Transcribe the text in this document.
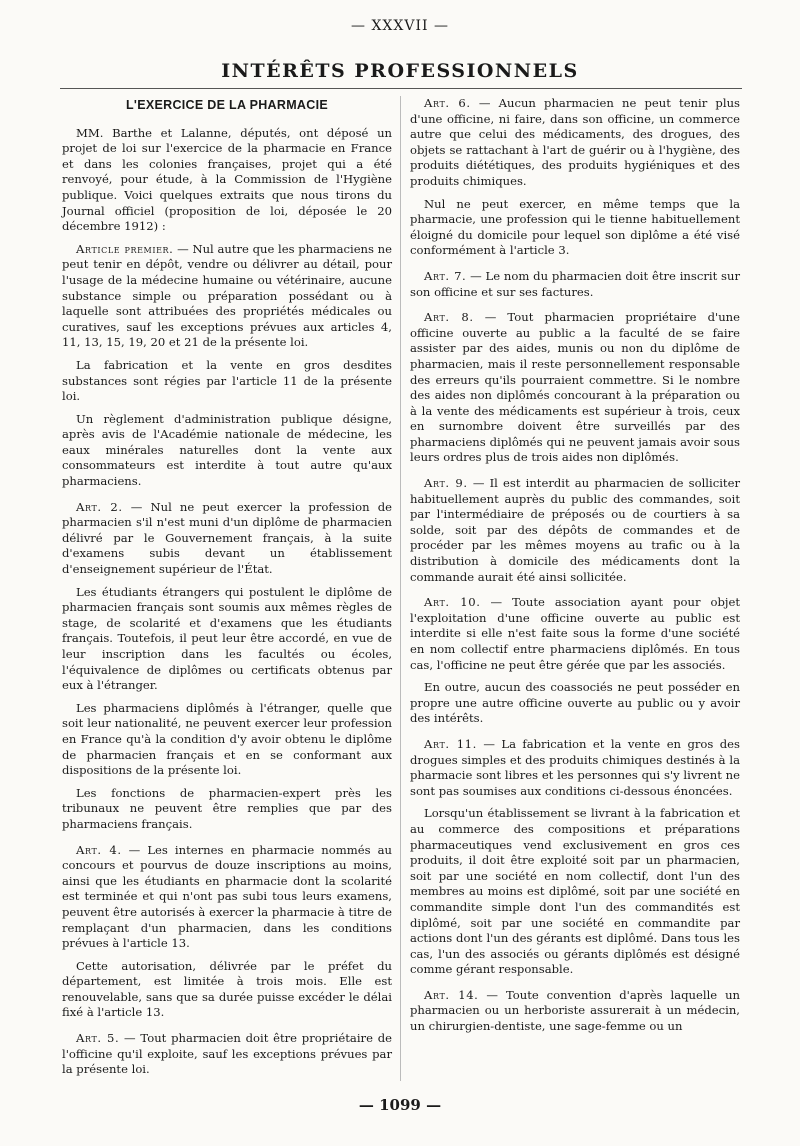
— XXXVII —
INTÉRÊTS PROFESSIONNELS
L'EXERCICE DE LA PHARMACIE

MM. Barthe et Lalanne, députés, ont déposé un projet de loi sur l'exercice de la pharmacie en France et dans les colonies françaises, projet qui a été renvoyé, pour étude, à la Commission de l'Hygiène publique. Voici quelques extraits que nous tirons du Journal officiel (proposition de loi, déposée le 20 décembre 1912) :

Article premier. — Nul autre que les pharmaciens ne peut tenir en dépôt, vendre ou délivrer au détail, pour l'usage de la médecine humaine ou vétérinaire, aucune substance simple ou préparation possédant ou à laquelle sont attribuées des propriétés médicales ou curatives, sauf les exceptions prévues aux articles 4, 11, 13, 15, 19, 20 et 21 de la présente loi.

La fabrication et la vente en gros desdites substances sont régies par l'article 11 de la présente loi.

Un règlement d'administration publique désigne, après avis de l'Académie nationale de médecine, les eaux minérales naturelles dont la vente aux consommateurs est interdite à tout autre qu'aux pharmaciens.

Art. 2. — Nul ne peut exercer la profession de pharmacien s'il n'est muni d'un diplôme de pharmacien délivré par le Gouvernement français, à la suite d'examens subis devant un établissement d'enseignement supérieur de l'État.

Les étudiants étrangers qui postulent le diplôme de pharmacien français sont soumis aux mêmes règles de stage, de scolarité et d'examens que les étudiants français. Toutefois, il peut leur être accordé, en vue de leur inscription dans les facultés ou écoles, l'équivalence de diplômes ou certificats obtenus par eux à l'étranger.

Les pharmaciens diplômés à l'étranger, quelle que soit leur nationalité, ne peuvent exercer leur profession en France qu'à la condition d'y avoir obtenu le diplôme de pharmacien français et en se conformant aux dispositions de la présente loi.

Les fonctions de pharmacien-expert près les tribunaux ne peuvent être remplies que par des pharmaciens français.

Art. 4. — Les internes en pharmacie nommés au concours et pourvus de douze inscriptions au moins, ainsi que les étudiants en pharmacie dont la scolarité est terminée et qui n'ont pas subi tous leurs examens, peuvent être autorisés à exercer la pharmacie à titre de remplaçant d'un pharmacien, dans les conditions prévues à l'article 13.

Cette autorisation, délivrée par le préfet du département, est limitée à trois mois. Elle est renouvelable, sans que sa durée puisse excéder le délai fixé à l'article 13.

Art. 5. — Tout pharmacien doit être propriétaire de l'officine qu'il exploite, sauf les exceptions prévues par la présente loi.

Art. 6. — Aucun pharmacien ne peut tenir plus d'une officine, ni faire, dans son officine, un commerce autre que celui des médicaments, des drogues, des objets se rattachant à l'art de guérir ou à l'hygiène, des produits diététiques, des produits hygiéniques et des produits chimiques.

Nul ne peut exercer, en même temps que la pharmacie, une profession qui le tienne habituellement éloigné du domicile pour lequel son diplôme a été visé conformément à l'article 3.

Art. 7. — Le nom du pharmacien doit être inscrit sur son officine et sur ses factures.

Art. 8. — Tout pharmacien propriétaire d'une officine ouverte au public a la faculté de se faire assister par des aides, munis ou non du diplôme de pharmacien, mais il reste personnellement responsable des erreurs qu'ils pourraient commettre. Si le nombre des aides non diplômés concourant à la préparation ou à la vente des médicaments est supérieur à trois, ceux en surnombre doivent être surveillés par des pharmaciens diplômés qui ne peuvent jamais avoir sous leurs ordres plus de trois aides non diplômés.

Art. 9. — Il est interdit au pharmacien de solliciter habituellement auprès du public des commandes, soit par l'intermédiaire de préposés ou de courtiers à sa solde, soit par des dépôts de commandes et de procéder par les mêmes moyens au trafic ou à la distribution à domicile des médicaments dont la commande aurait été ainsi sollicitée.

Art. 10. — Toute association ayant pour objet l'exploitation d'une officine ouverte au public est interdite si elle n'est faite sous la forme d'une société en nom collectif entre pharmaciens diplômés. En tous cas, l'officine ne peut être gérée que par les associés.

En outre, aucun des coassociés ne peut posséder en propre une autre officine ouverte au public ou y avoir des intérêts.

Art. 11. — La fabrication et la vente en gros des drogues simples et des produits chimiques destinés à la pharmacie sont libres et les personnes qui s'y livrent ne sont pas soumises aux conditions ci-dessous énoncées.

Lorsqu'un établissement se livrant à la fabrication et au commerce des compositions et préparations pharmaceutiques vend exclusivement en gros ces produits, il doit être exploité soit par un pharmacien, soit par une société en nom collectif, dont l'un des membres au moins est diplômé, soit par une société en commandite simple dont l'un des commandités est diplômé, soit par une société en commandite par actions dont l'un des gérants est diplômé. Dans tous les cas, l'un des associés ou gérants diplômés est désigné comme gérant responsable.

Art. 14. — Toute convention d'après laquelle un pharmacien ou un herboriste assurerait à un médecin, un chirurgien-dentiste, une sage-femme ou un

— 1099 —
